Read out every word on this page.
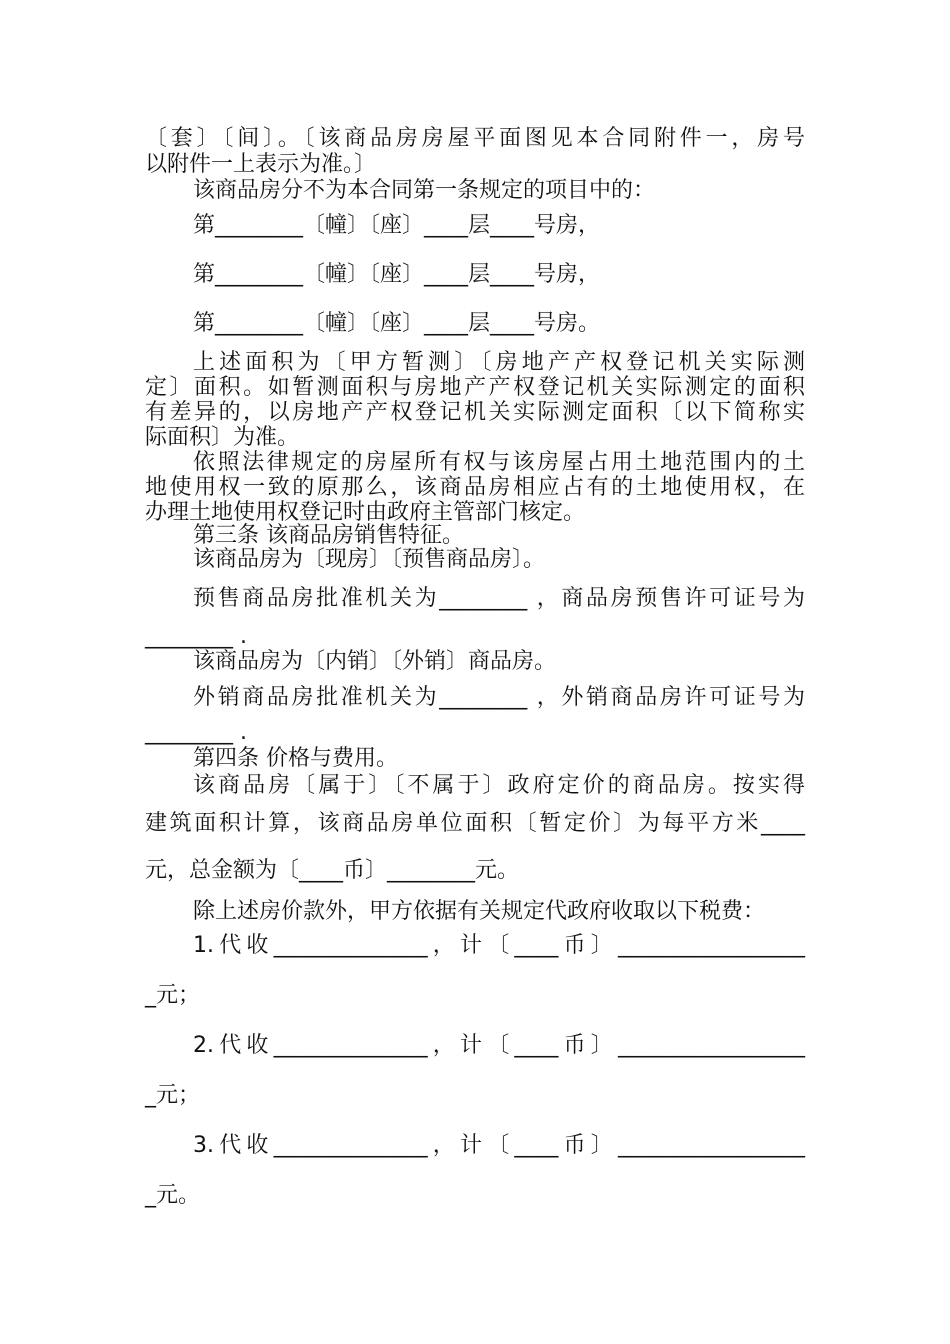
〔套〕〔间〕。〔该商品房房屋平面图见本合同附件一，房号
以附件一上表示为准。〕
该商品房分不为本合同第一条规定的项目中的：
第________〔幢〕〔座〕____层____号房，
第________〔幢〕〔座〕____层____号房，
第________〔幢〕〔座〕____层____号房。
上述面积为〔甲方暂测〕〔房地产产权登记机关实际测
定〕面积。如暂测面积与房地产产权登记机关实际测定的面积
有差异的，以房地产产权登记机关实际测定面积〔以下简称实
际面积〕为准。
依照法律规定的房屋所有权与该房屋占用土地范围内的土
地使用权一致的原那么，该商品房相应占有的土地使用权，在
办理土地使用权登记时由政府主管部门核定。
第三条 该商品房销售特征。
该商品房为〔现房〕〔预售商品房〕。
预售商品房批准机关为________ ，商品房预售许可证号为
________ .
该商品房为〔内销〕〔外销〕商品房。
外销商品房批准机关为________ ，外销商品房许可证号为
________ .
第四条 价格与费用。
该商品房〔属于〕〔不属于〕政府定价的商品房。按实得
建筑面积计算，该商品房单位面积〔暂定价〕为每平方米____
元，总金额为〔____币〕________元。
除上述房价款外，甲方依据有关规定代政府收取以下税费：
1.代收______________，计〔____币〕_________________
_元；
2.代收______________，计〔____币〕_________________
_元；
3.代收______________，计〔____币〕_________________
_元。
